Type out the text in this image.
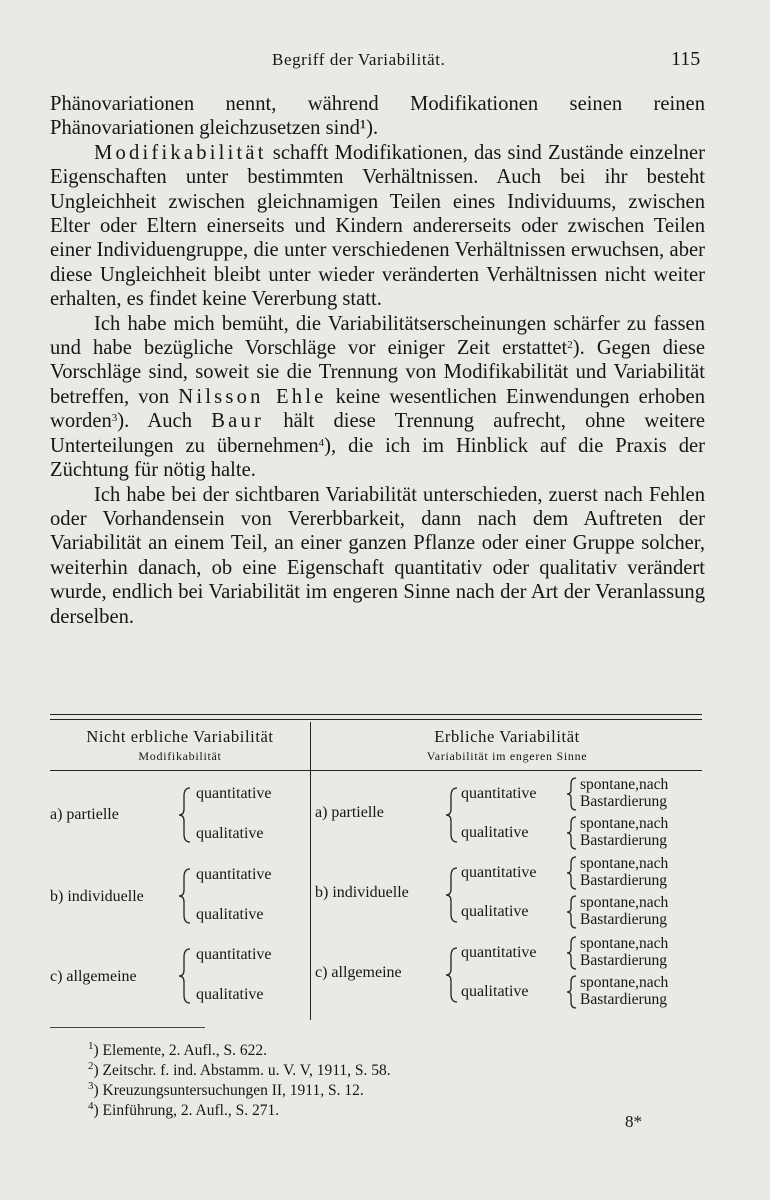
Begriff der Variabilität.	115

Phänovariationen nennt, während Modifikationen seinen reinen Phänovariationen gleichzusetzen sind¹).

Modifikabilität schafft Modifikationen, das sind Zustände einzelner Eigenschaften unter bestimmten Verhältnissen. Auch bei ihr besteht Ungleichheit zwischen gleichnamigen Teilen eines Individuums, zwischen Elter oder Eltern einerseits und Kindern andererseits oder zwischen Teilen einer Individuengruppe, die unter verschiedenen Verhältnissen erwuchsen, aber diese Ungleichheit bleibt unter wieder veränderten Verhältnissen nicht weiter erhalten, es findet keine Vererbung statt.

Ich habe mich bemüht, die Variabilitätserscheinungen schärfer zu fassen und habe bezügliche Vorschläge vor einiger Zeit erstattet$^2$). Gegen diese Vorschläge sind, soweit sie die Trennung von Modifikabilität und Variabilität betreffen, von Nilsson Ehle keine wesentlichen Einwendungen erhoben worden$^3$). Auch Baur hält diese Trennung aufrecht, ohne weitere Unterteilungen zu übernehmen$^4$), die ich im Hinblick auf die Praxis der Züchtung für nötig halte.

Ich habe bei der sichtbaren Variabilität unterschieden, zuerst nach Fehlen oder Vorhandensein von Vererbbarkeit, dann nach dem Auftreten der Variabilität an einem Teil, an einer ganzen Pflanze oder einer Gruppe solcher, weiterhin danach, ob eine Eigenschaft quantitativ oder qualitativ verändert wurde, endlich bei Variabilität im engeren Sinne nach der Art der Veranlassung derselben.

Nicht erbliche Variabilität
Modifikabilität
Erbliche Variabilität
Variabilität im engeren Sinne
a) partielle
quantitative
qualitative
a) partielle
quantitative
qualitative
spontane,nach
Bastardierung
spontane,nach
Bastardierung
b) individuelle
quantitative
qualitative
b) individuelle
quantitative
qualitative
spontane,nach
Bastardierung
spontane,nach
Bastardierung
c) allgemeine
quantitative
qualitative
c) allgemeine
quantitative
qualitative
spontane,nach
Bastardierung
spontane,nach
Bastardierung
$^1$) Elemente, 2. Aufl., S. 622.
$^2$) Zeitschr. f. ind. Abstamm. u. V. V, 1911, S. 58.
$^3$) Kreuzungsuntersuchungen II, 1911, S. 12.
$^4$) Einführung, 2. Aufl., S. 271.
8*
